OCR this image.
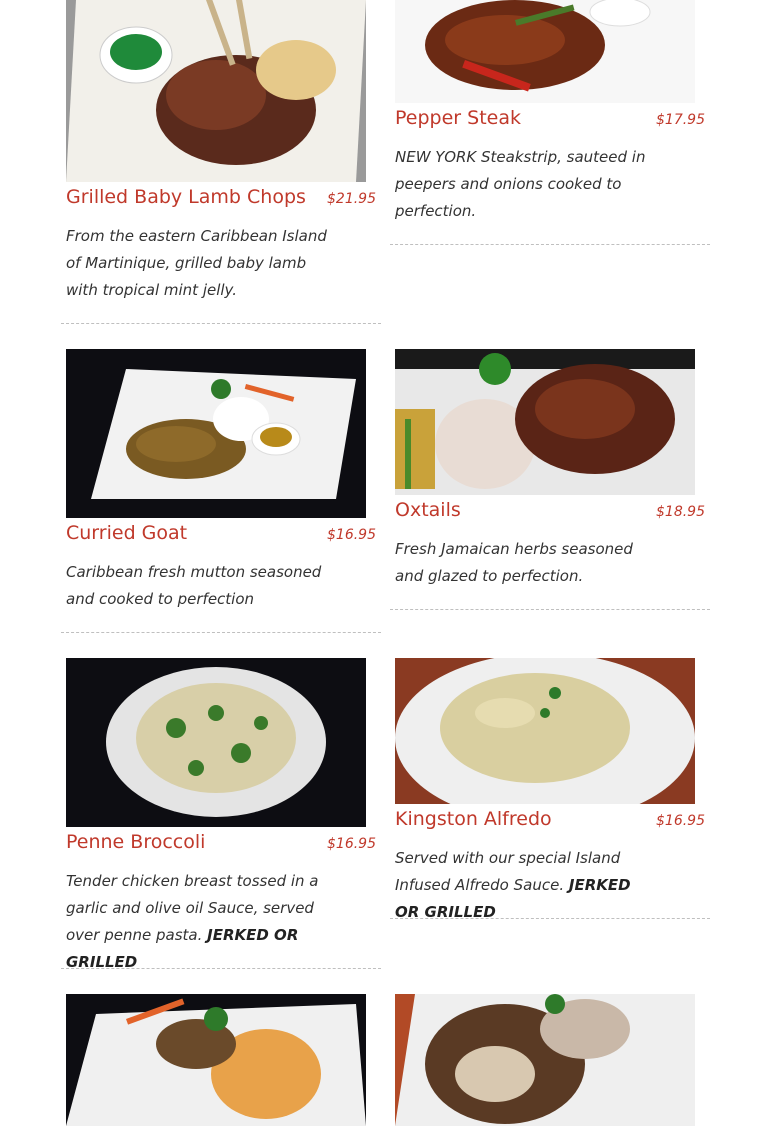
Grilled Baby Lamb Chops $21.95
From the eastern Caribbean Island of Martinique, grilled baby lamb with tropical mint jelly.
Pepper Steak	$17.95
NEW YORK Steakstrip, sauteed in peepers and onions cooked to perfection.
Curried Goat	$16.95
Caribbean fresh mutton seasoned and cooked to perfection
Oxtails	$18.95
Fresh Jamaican herbs seasoned and glazed to perfection.
Penne Broccoli	$16.95
Tender chicken breast tossed in a garlic and olive oil Sauce, served over penne pasta. JERKED OR GRILLED
Kingston Alfredo	$16.95
Served with our special Island Infused Alfredo Sauce. JERKED OR GRILLED
